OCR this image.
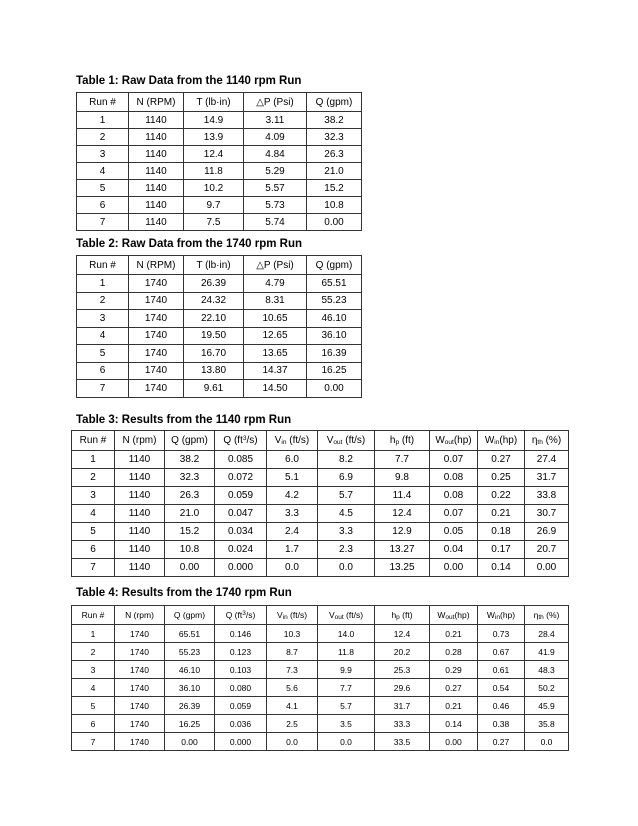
Table 1: Raw Data from the 1140 rpm Run
Run #	N (RPM)	T (lb·in)	△P (Psi)	Q (gpm)
1	1140	14.9	3.11	38.2
2	1140	13.9	4.09	32.3
3	1140	12.4	4.84	26.3
4	1140	11.8	5.29	21.0
5	1140	10.2	5.57	15.2
6	1140	9.7	5.73	10.8
7	1140	7.5	5.74	0.00
Table 2: Raw Data from the 1740 rpm Run
Run #	N (RPM)	T (lb·in)	△P (Psi)	Q (gpm)
1	1740	26.39	4.79	65.51
2	1740	24.32	8.31	55.23
3	1740	22.10	10.65	46.10
4	1740	19.50	12.65	36.10
5	1740	16.70	13.65	16.39
6	1740	13.80	14.37	16.25
7	1740	9.61	14.50	0.00
Table 3: Results from the 1140 rpm Run
Run #	N (rpm)	Q (gpm)	Q $(ft^3/s)$	Vin (ft/s)	Vout (ft/s)	hp (ft)	Wout(hp)	Win(hp)	ηth (%)
1	1140	38.2	0.085	6.0	8.2	7.7	0.07	0.27	27.4
2	1140	32.3	0.072	5.1	6.9	9.8	0.08	0.25	31.7
3	1140	26.3	0.059	4.2	5.7	11.4	0.08	0.22	33.8
4	1140	21.0	0.047	3.3	4.5	12.4	0.07	0.21	30.7
5	1140	15.2	0.034	2.4	3.3	12.9	0.05	0.18	26.9
6	1140	10.8	0.024	1.7	2.3	13.27	0.04	0.17	20.7
7	1140	0.00	0.000	0.0	0.0	13.25	0.00	0.14	0.00
Table 4: Results from the 1740 rpm Run
Run #	N (rpm)	Q (gpm)	Q $(ft^3/s)$	Vin (ft/s)	Vout (ft/s)	hp (ft)	Wout(hp)	Win(hp)	ηth (%)
1	1740	65.51	0.146	10.3	14.0	12.4	0.21	0.73	28.4
2	1740	55.23	0.123	8.7	11.8	20.2	0.28	0.67	41.9
3	1740	46.10	0.103	7.3	9.9	25.3	0.29	0.61	48.3
4	1740	36.10	0.080	5.6	7.7	29.6	0.27	0.54	50.2
5	1740	26.39	0.059	4.1	5.7	31.7	0.21	0.46	45.9
6	1740	16.25	0.036	2.5	3.5	33.3	0.14	0.38	35.8
7	1740	0.00	0.000	0.0	0.0	33.5	0.00	0.27	0.0
